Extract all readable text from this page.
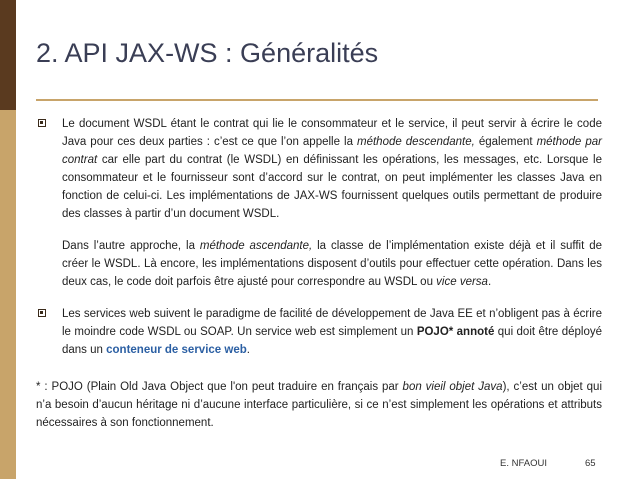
2. API JAX-WS : Généralités
Le document WSDL étant le contrat qui lie le consommateur et le service, il peut servir à écrire le code Java pour ces deux parties : c’est ce que l’on appelle la méthode descendante, également méthode par contrat car elle part du contrat (le WSDL) en définissant les opérations, les messages, etc. Lorsque le consommateur et le fournisseur sont d’accord sur le contrat, on peut implémenter les classes Java en fonction de celui-ci. Les implémentations de JAX-WS fournissent quelques outils permettant de produire des classes à partir d’un document WSDL.
Dans l’autre approche, la méthode ascendante, la classe de l’implémentation existe déjà et il suffit de créer le WSDL. Là encore, les implémentations disposent d’outils pour effectuer cette opération. Dans les deux cas, le code doit parfois être ajusté pour correspondre au WSDL ou vice versa.
Les services web suivent le paradigme de facilité de développement de Java EE et n’obligent pas à écrire le moindre code WSDL ou SOAP. Un service web est simplement un POJO* annoté qui doit être déployé dans un conteneur de service web.
* : POJO (Plain Old Java Object que l'on peut traduire en français par bon vieil objet Java), c’est un objet qui n’a besoin d’aucun héritage ni d’aucune interface particulière, si ce n’est simplement les opérations et attributs nécessaires à son fonctionnement.
E. NFAOUI	65
